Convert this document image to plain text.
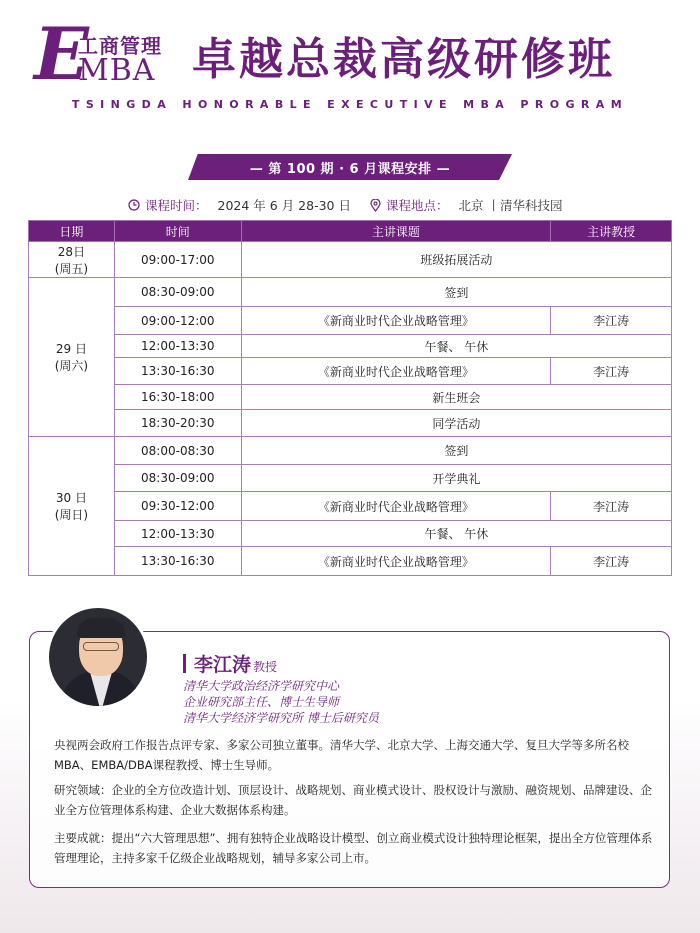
E
工商管理
MBA 卓越总裁高级研修班
TSINGDA HONORABLE EXECUTIVE MBA PROGRAM
— 第 100 期 · 6 月课程安排 —
课程时间： 2024 年 6 月 28-30 日	课程地点： 北京 丨清华科技园
日期	时间	主讲课题	主讲教授

28日
(周五)	09:00-17:00	班级拓展活动	

29 日
(周六)	08:30-09:00	签到	
	09:00-12:00	《新商业时代企业战略管理》	李江涛
	12:00-13:30	午餐、 午休	
	13:30-16:30	《新商业时代企业战略管理》	李江涛
	16:30-18:00	新生班会	
	18:30-20:30	同学活动	

30 日
(周日)	08:00-08:30	签到	
	08:30-09:00	开学典礼	
	09:30-12:00	《新商业时代企业战略管理》	李江涛
	12:00-13:30	午餐、 午休	
	13:30-16:30	《新商业时代企业战略管理》	李江涛
李江涛 教授
清华大学政治经济学研究中心
企业研究部主任、博士生导师
清华大学经济学研究所 博士后研究员

央视两会政府工作报告点评专家、多家公司独立董事。清华大学、北京大学、上海交通大学、复旦大学等多所名校MBA、EMBA/DBA课程教授、博士生导师。

研究领域：企业的全方位改造计划、顶层设计、战略规划、商业模式设计、股权设计与激励、融资规划、品牌建设、企业全方位管理体系构建、企业大数据体系构建。

主要成就：提出“六大管理思想”、拥有独特企业战略设计模型、创立商业模式设计独特理论框架，提出全方位管理体系管理理论，主持多家千亿级企业战略规划，辅导多家公司上市。
